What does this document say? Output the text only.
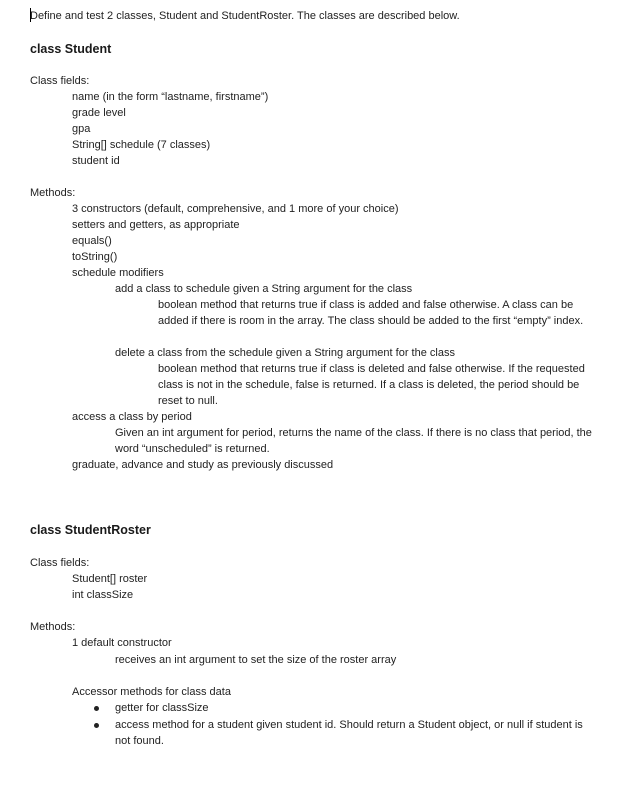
Define and test 2 classes, Student and StudentRoster. The classes are described below.
class Student
Class fields:
name (in the form “lastname, firstname”)
grade level
gpa
String[] schedule (7 classes)
student id
Methods:
3 constructors (default, comprehensive, and 1 more of your choice)
setters and getters, as appropriate
equals()
toString()
schedule modifiers
add a class to schedule given a String argument for the class
boolean method that returns true if class is added and false otherwise. A class can be added if there is room in the array. The class should be added to the first “empty” index.
delete a class from the schedule given a String argument for the class
boolean method that returns true if class is deleted and false otherwise. If the requested class is not in the schedule, false is returned. If a class is deleted, the period should be reset to null.
access a class by period
Given an int argument for period, returns the name of the class. If there is no class that period, the word “unscheduled” is returned.
graduate, advance and study as previously discussed
class StudentRoster
Class fields:
Student[] roster
int classSize
Methods:
1 default constructor
receives an int argument to set the size of the roster array
Accessor methods for class data
getter for classSize
access method for a student given student id. Should return a Student object, or null if student is not found.
